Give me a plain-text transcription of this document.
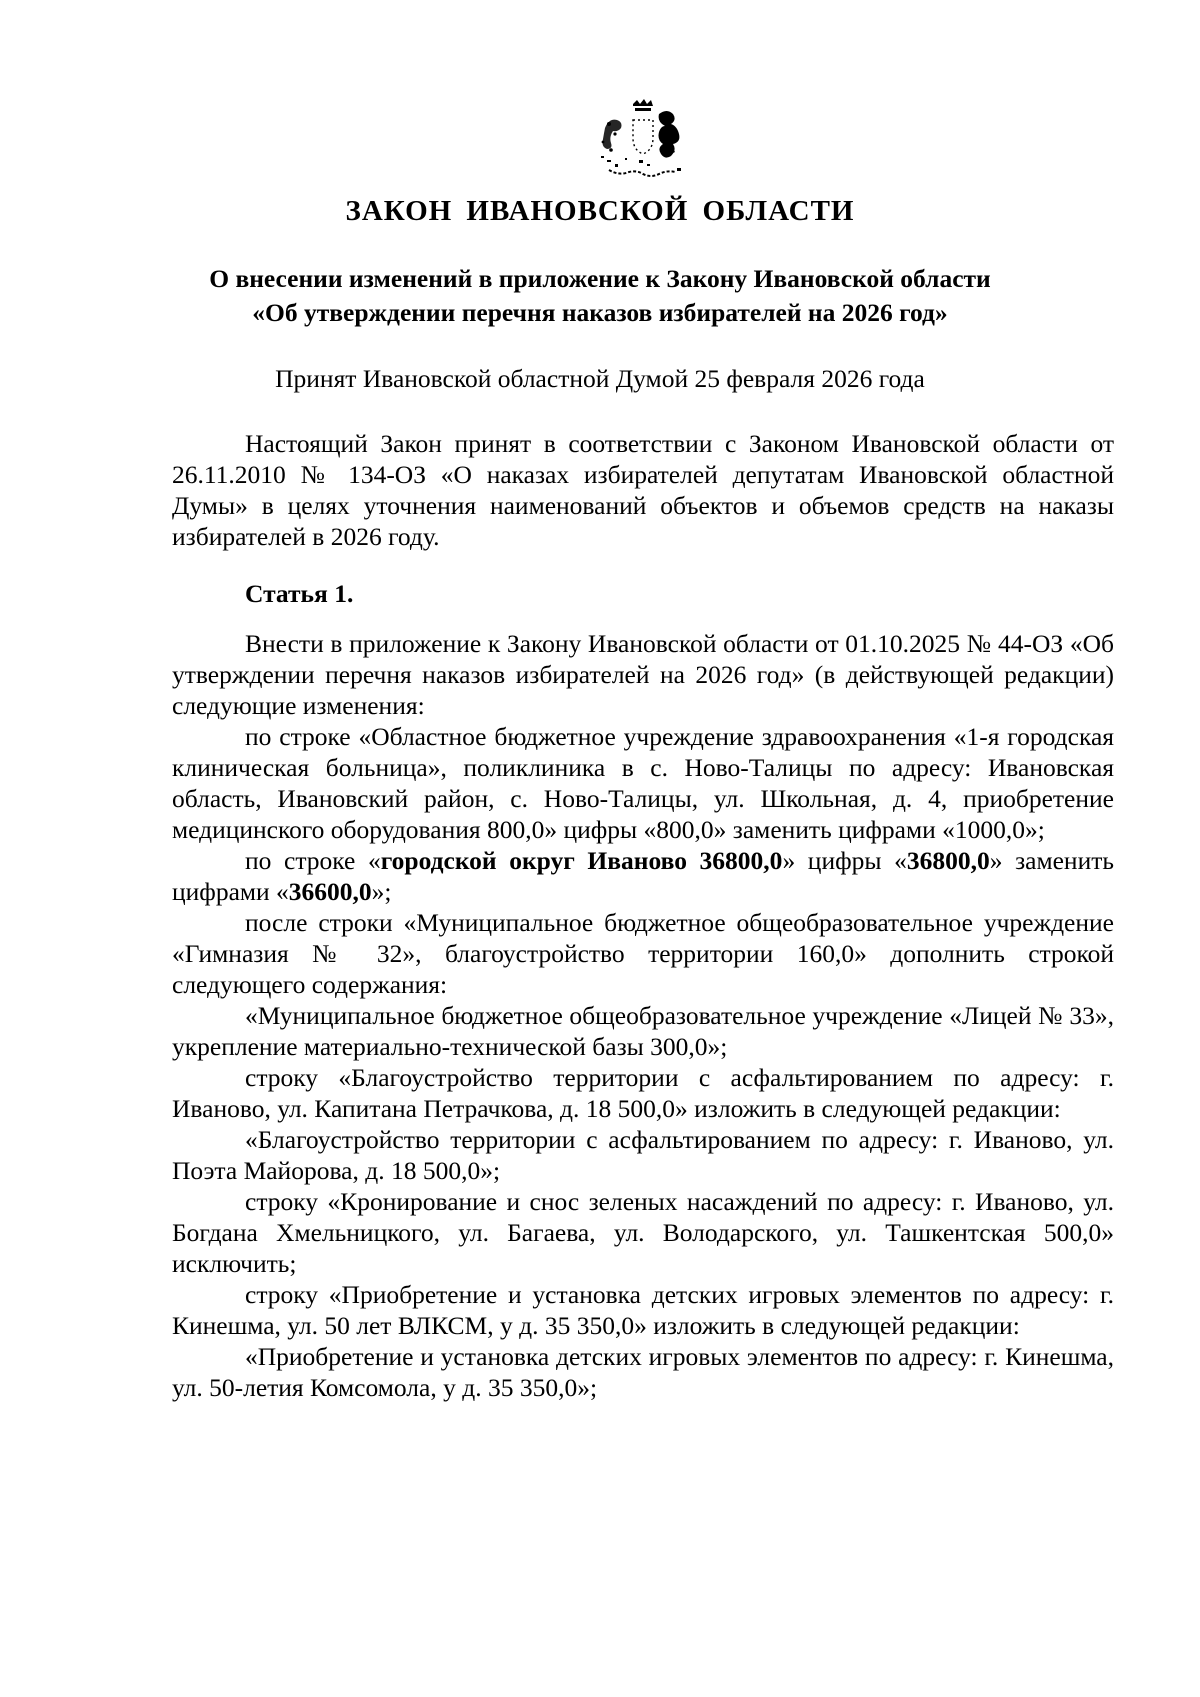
ЗАКОН ИВАНОВСКОЙ ОБЛАСТИ
О внесении изменений в приложение к Закону Ивановской области
«Об утверждении перечня наказов избирателей на 2026 год»
Принят Ивановской областной Думой 25 февраля 2026 года

Настоящий Закон принят в соответствии с Законом Ивановской области от 26.11.2010 № 134-ОЗ «О наказах избирателей депутатам Ивановской областной Думы» в целях уточнения наименований объектов и объемов средств на наказы избирателей в 2026 году.

Статья 1.

Внести в приложение к Закону Ивановской области от 01.10.2025 № 44-ОЗ «Об утверждении перечня наказов избирателей на 2026 год» (в действующей редакции) следующие изменения:

по строке «Областное бюджетное учреждение здравоохранения «1-я городская клиническая больница», поликлиника в с. Ново-Талицы по адресу: Ивановская область, Ивановский район, с. Ново-Талицы, ул. Школьная, д. 4, приобретение медицинского оборудования 800,0» цифры «800,0» заменить цифрами «1000,0»;

по строке «городской округ Иваново 36800,0» цифры «36800,0» заменить цифрами «36600,0»;

после строки «Муниципальное бюджетное общеобразовательное учреждение «Гимназия № 32», благоустройство территории 160,0» дополнить строкой следующего содержания:

«Муниципальное бюджетное общеобразовательное учреждение «Лицей № 33», укрепление материально-технической базы 300,0»;

строку «Благоустройство территории с асфальтированием по адресу: г. Иваново, ул. Капитана Петрачкова, д. 18 500,0» изложить в следующей редакции:

«Благоустройство территории с асфальтированием по адресу: г. Иваново, ул. Поэта Майорова, д. 18 500,0»;

строку «Кронирование и снос зеленых насаждений по адресу: г. Иваново, ул. Богдана Хмельницкого, ул. Багаева, ул. Володарского, ул. Ташкентская 500,0» исключить;

строку «Приобретение и установка детских игровых элементов по адресу: г. Кинешма, ул. 50 лет ВЛКСМ, у д. 35 350,0» изложить в следующей редакции:

«Приобретение и установка детских игровых элементов по адресу: г. Кинешма, ул. 50-летия Комсомола, у д. 35 350,0»;
